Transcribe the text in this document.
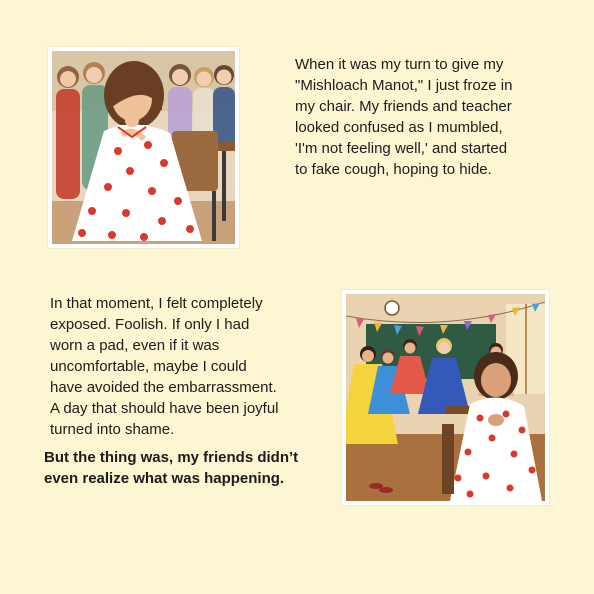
When it was my turn to give my
"Mishloach Manot," I just froze in
my chair. My friends and teacher
looked confused as I mumbled,
'I'm not feeling well,' and started
to fake cough, hoping to hide.

In that moment, I felt completely
exposed. Foolish. If only I had
worn a pad, even if it was
uncomfortable, maybe I could
have avoided the embarrassment.
A day that should have been joyful
turned into shame.

But the thing was, my friends didn’t
even realize what was happening.
